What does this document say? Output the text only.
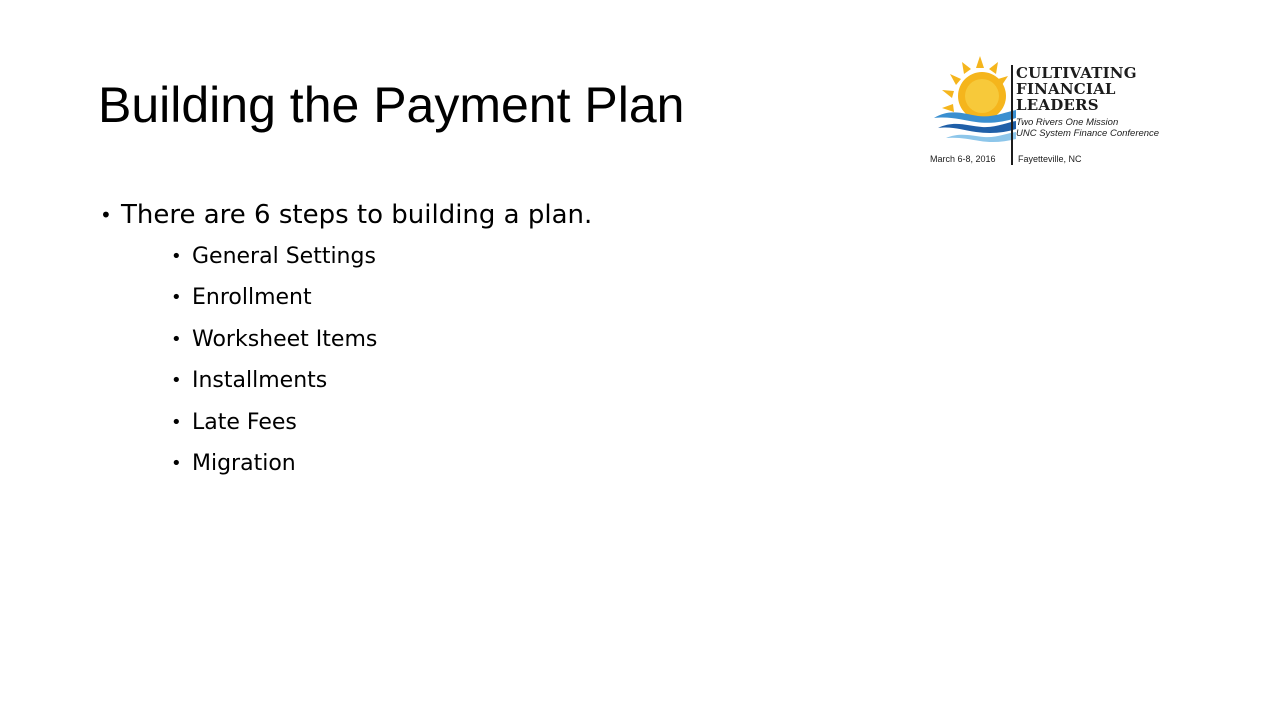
Building the Payment Plan
CULTIVATING
FINANCIAL
LEADERS
Two Rivers One Mission
UNC System Finance Conference
March 6-8, 2016 Fayetteville, NC
• There are 6 steps to building a plan.
• General Settings
• Enrollment
• Worksheet Items
• Installments
• Late Fees
• Migration
